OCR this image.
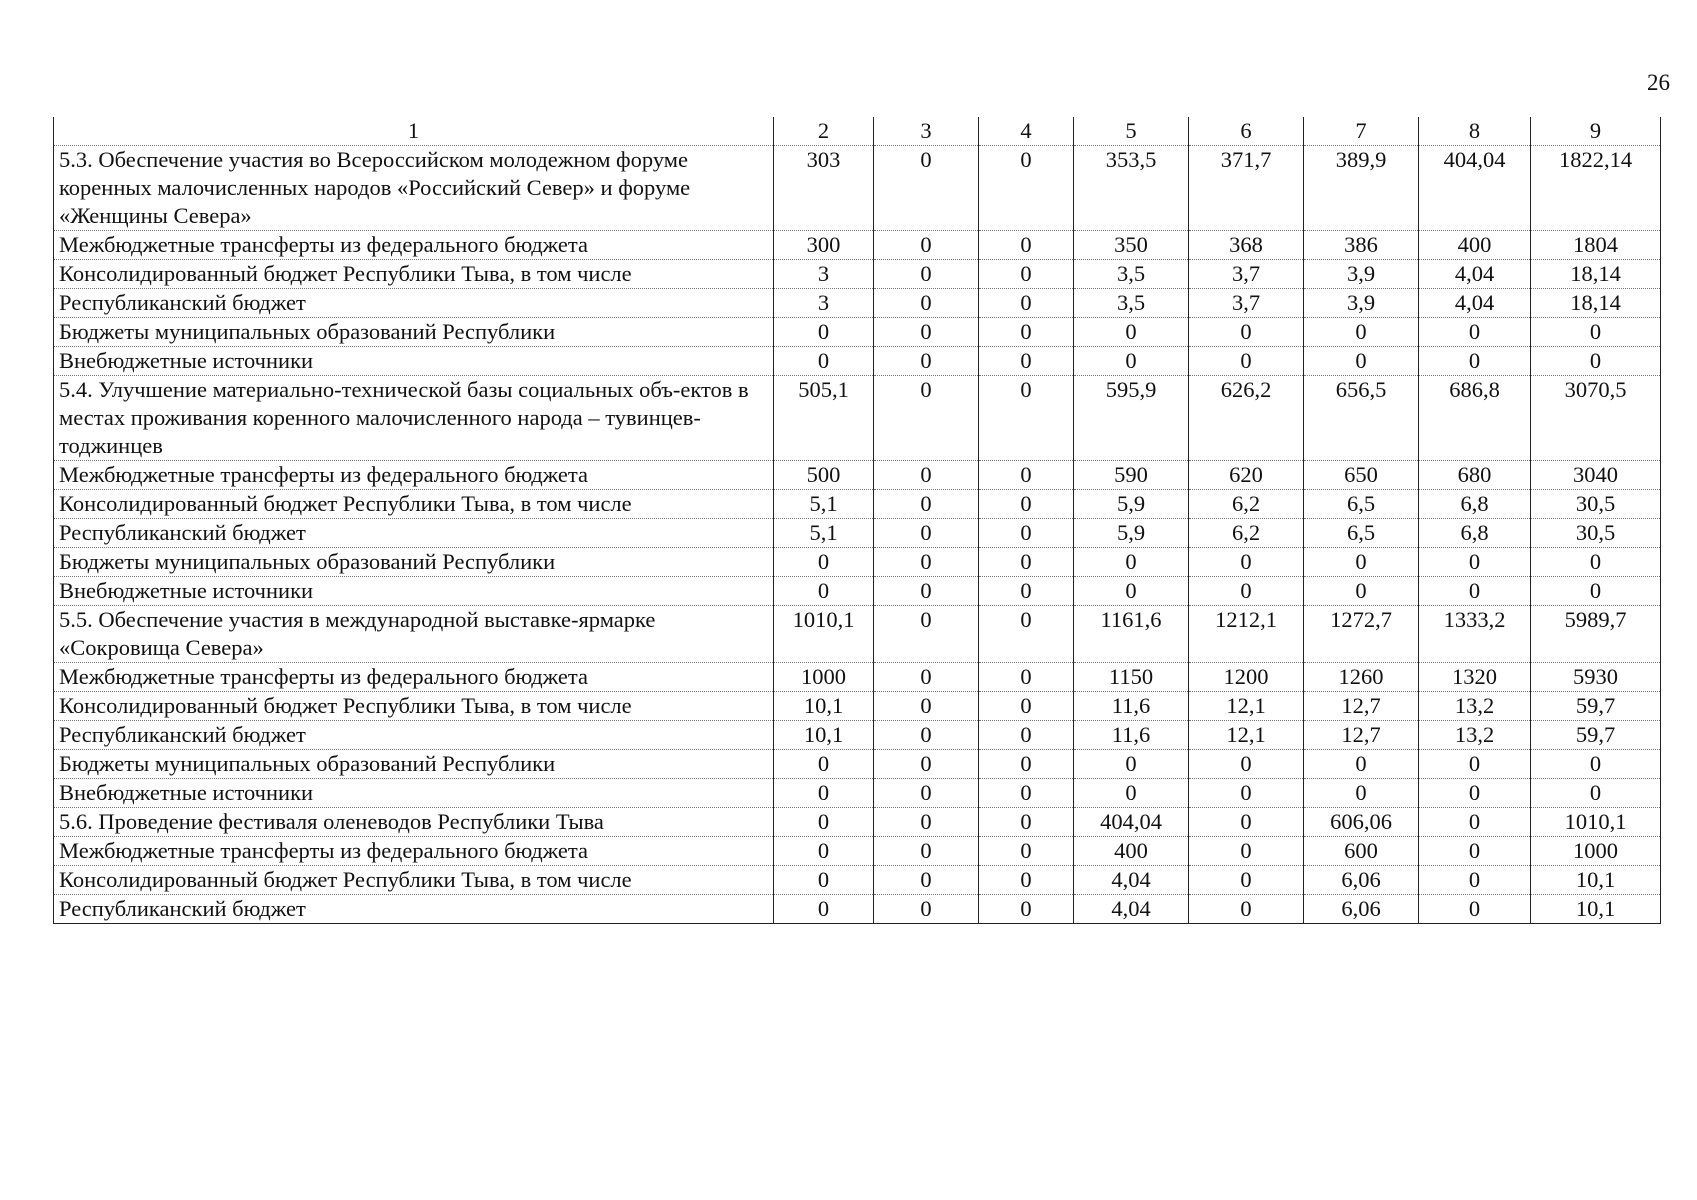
26
1	2	3	4	5	6	7	8	9
5.3. Обеспечение участия во Всероссийском молодежном форуме коренных малочисленных народов «Российский Север» и форуме «Женщины Севера»	303	0	0	353,5	371,7	389,9	404,04	1822,14
Межбюджетные трансферты из федерального бюджета	300	0	0	350	368	386	400	1804
Консолидированный бюджет Республики Тыва, в том числе	3	0	0	3,5	3,7	3,9	4,04	18,14
Республиканский бюджет	3	0	0	3,5	3,7	3,9	4,04	18,14
Бюджеты муниципальных образований Республики	0	0	0	0	0	0	0	0
Внебюджетные источники	0	0	0	0	0	0	0	0
5.4. Улучшение материально-технической базы социальных объ-ектов в местах проживания коренного малочисленного народа – тувинцев-тоджинцев	505,1	0	0	595,9	626,2	656,5	686,8	3070,5
Межбюджетные трансферты из федерального бюджета	500	0	0	590	620	650	680	3040
Консолидированный бюджет Республики Тыва, в том числе	5,1	0	0	5,9	6,2	6,5	6,8	30,5
Республиканский бюджет	5,1	0	0	5,9	6,2	6,5	6,8	30,5
Бюджеты муниципальных образований Республики	0	0	0	0	0	0	0	0
Внебюджетные источники	0	0	0	0	0	0	0	0
5.5. Обеспечение участия в международной выставке-ярмарке «Сокровища Севера»	1010,1	0	0	1161,6	1212,1	1272,7	1333,2	5989,7
Межбюджетные трансферты из федерального бюджета	1000	0	0	1150	1200	1260	1320	5930
Консолидированный бюджет Республики Тыва, в том числе	10,1	0	0	11,6	12,1	12,7	13,2	59,7
Республиканский бюджет	10,1	0	0	11,6	12,1	12,7	13,2	59,7
Бюджеты муниципальных образований Республики	0	0	0	0	0	0	0	0
Внебюджетные источники	0	0	0	0	0	0	0	0
5.6. Проведение фестиваля оленеводов Республики Тыва	0	0	0	404,04	0	606,06	0	1010,1
Межбюджетные трансферты из федерального бюджета	0	0	0	400	0	600	0	1000
Консолидированный бюджет Республики Тыва, в том числе	0	0	0	4,04	0	6,06	0	10,1
Республиканский бюджет	0	0	0	4,04	0	6,06	0	10,1
